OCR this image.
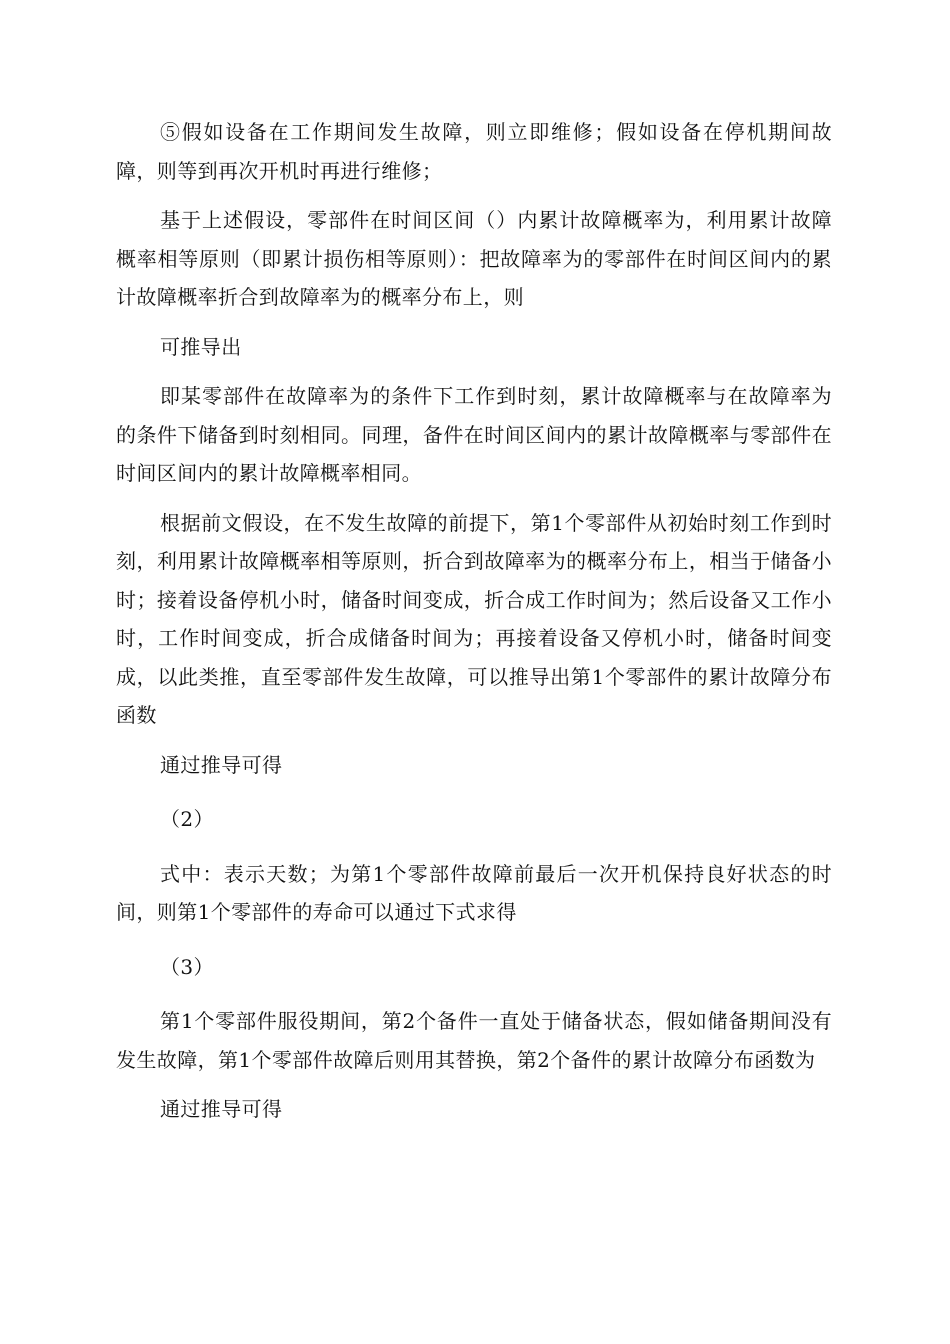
⑤假如设备在工作期间发生故障，则立即维修；假如设备在停机期间故障，则等到再次开机时再进行维修；

基于上述假设，零部件在时间区间（）内累计故障概率为，利用累计故障概率相等原则（即累计损伤相等原则）：把故障率为的零部件在时间区间内的累计故障概率折合到故障率为的概率分布上，则

可推导出

即某零部件在故障率为的条件下工作到时刻，累计故障概率与在故障率为的条件下储备到时刻相同。同理，备件在时间区间内的累计故障概率与零部件在时间区间内的累计故障概率相同。

根据前文假设，在不发生故障的前提下，第1个零部件从初始时刻工作到时刻，利用累计故障概率相等原则，折合到故障率为的概率分布上，相当于储备小时；接着设备停机小时，储备时间变成，折合成工作时间为；然后设备又工作小时，工作时间变成，折合成储备时间为；再接着设备又停机小时，储备时间变成，以此类推，直至零部件发生故障，可以推导出第1个零部件的累计故障分布函数

通过推导可得

（2）

式中：表示天数；为第1个零部件故障前最后一次开机保持良好状态的时间，则第1个零部件的寿命可以通过下式求得

（3）

第1个零部件服役期间，第2个备件一直处于储备状态，假如储备期间没有发生故障，第1个零部件故障后则用其替换，第2个备件的累计故障分布函数为

通过推导可得
